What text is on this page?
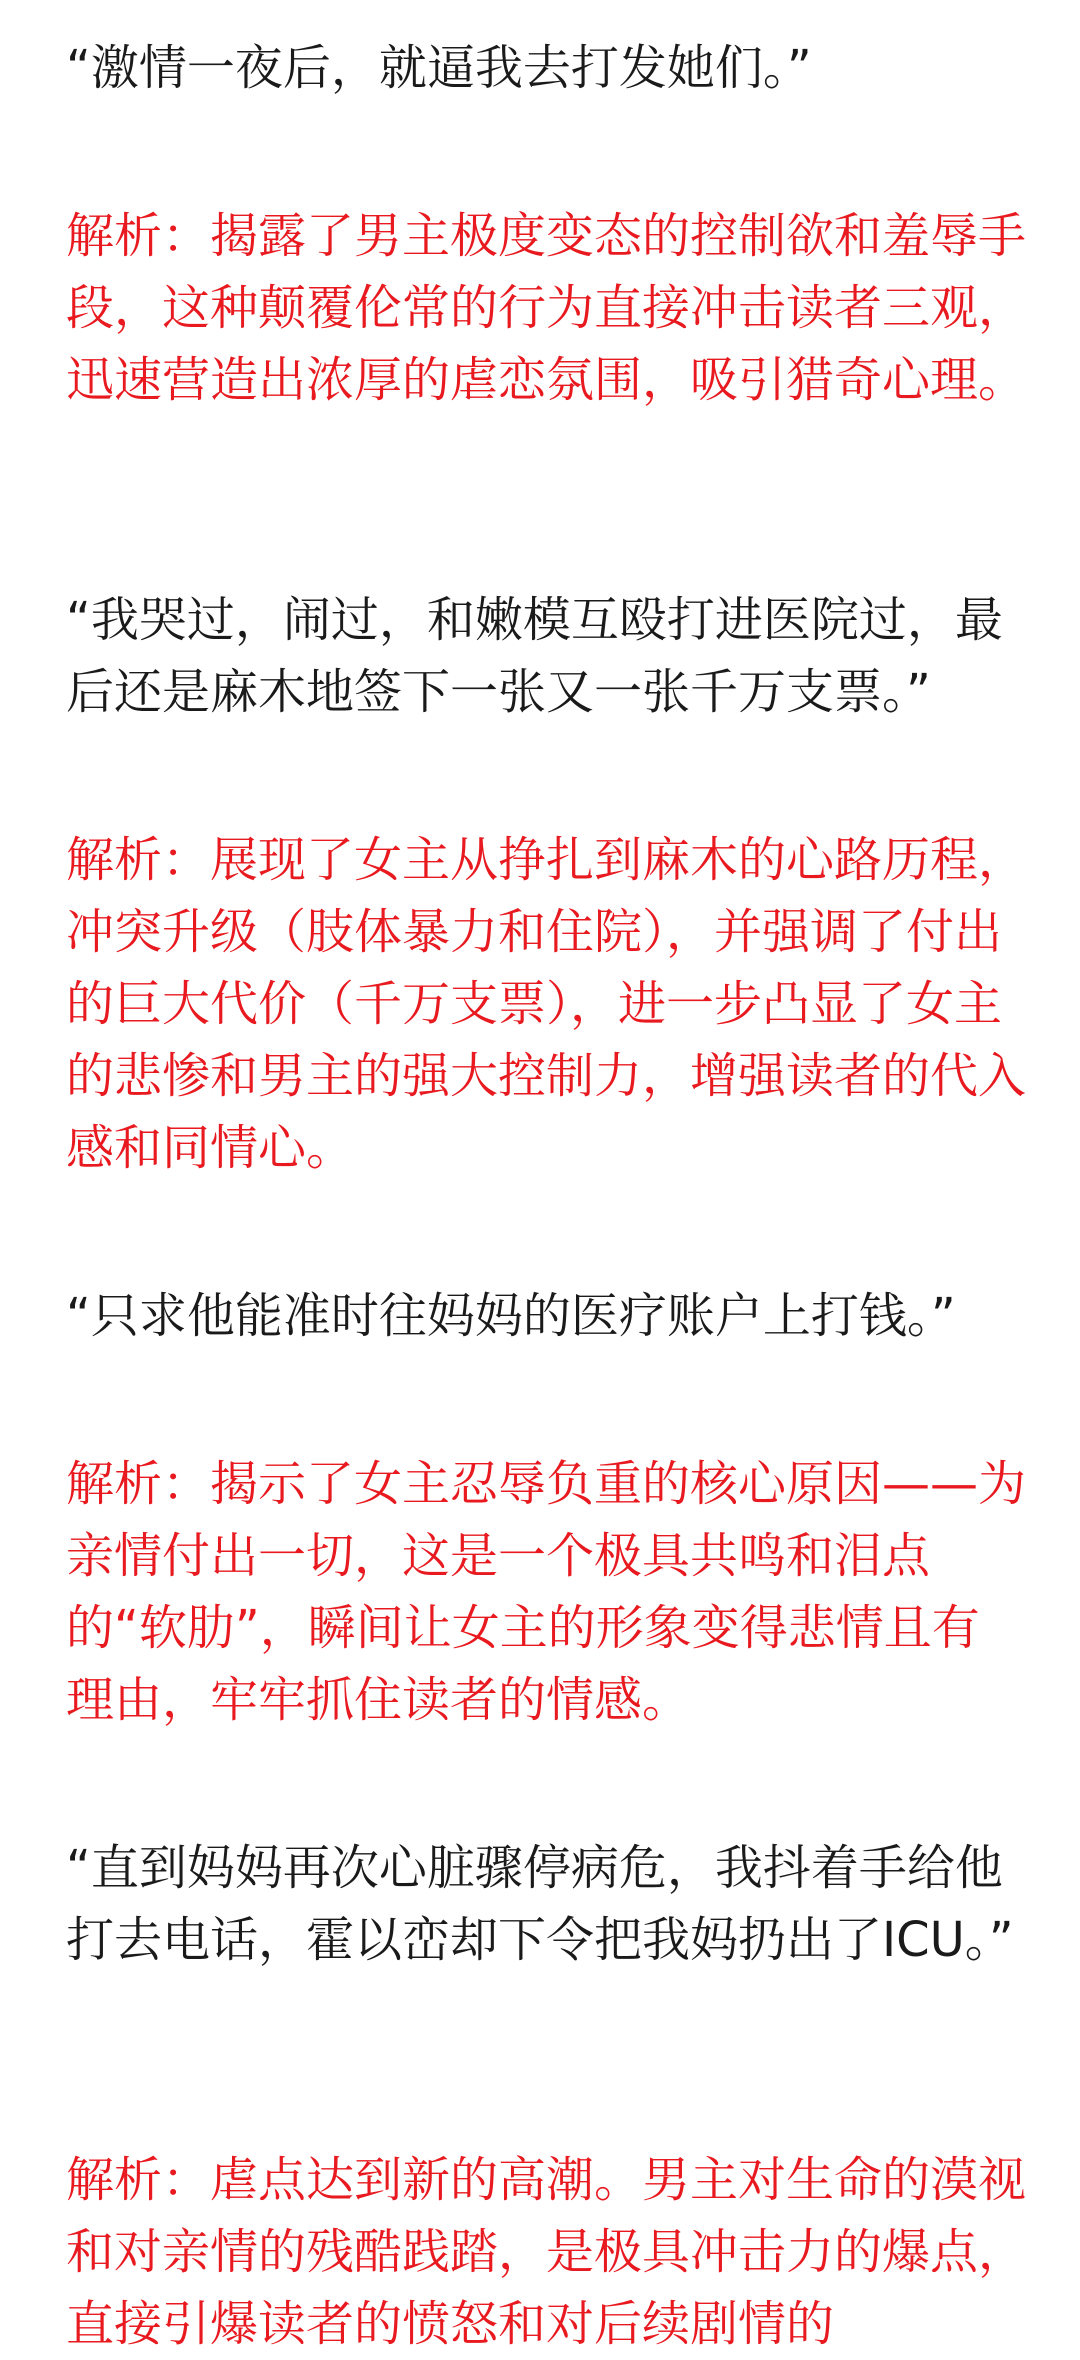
“激情一夜后，就逼我去打发她们。”

解析：揭露了男主极度变态的控制欲和羞辱手段，这种颠覆伦常的行为直接冲击读者三观，迅速营造出浓厚的虐恋氛围，吸引猎奇心理。

“我哭过，闹过，和嫩模互殴打进医院过，最后还是麻木地签下一张又一张千万支票。”

解析：展现了女主从挣扎到麻木的心路历程，冲突升级（肢体暴力和住院），并强调了付出的巨大代价（千万支票），进一步凸显了女主的悲惨和男主的强大控制力，增强读者的代入感和同情心。

“只求他能准时往妈妈的医疗账户上打钱。”

解析：揭示了女主忍辱负重的核心原因——为亲情付出一切，这是一个极具共鸣和泪点的“软肋”，瞬间让女主的形象变得悲情且有理由，牢牢抓住读者的情感。

“直到妈妈再次心脏骤停病危，我抖着手给他打去电话，霍以峦却下令把我妈扔出了ICU。”

解析：虐点达到新的高潮。男主对生命的漠视和对亲情的残酷践踏，是极具冲击力的爆点，直接引爆读者的愤怒和对后续剧情的
